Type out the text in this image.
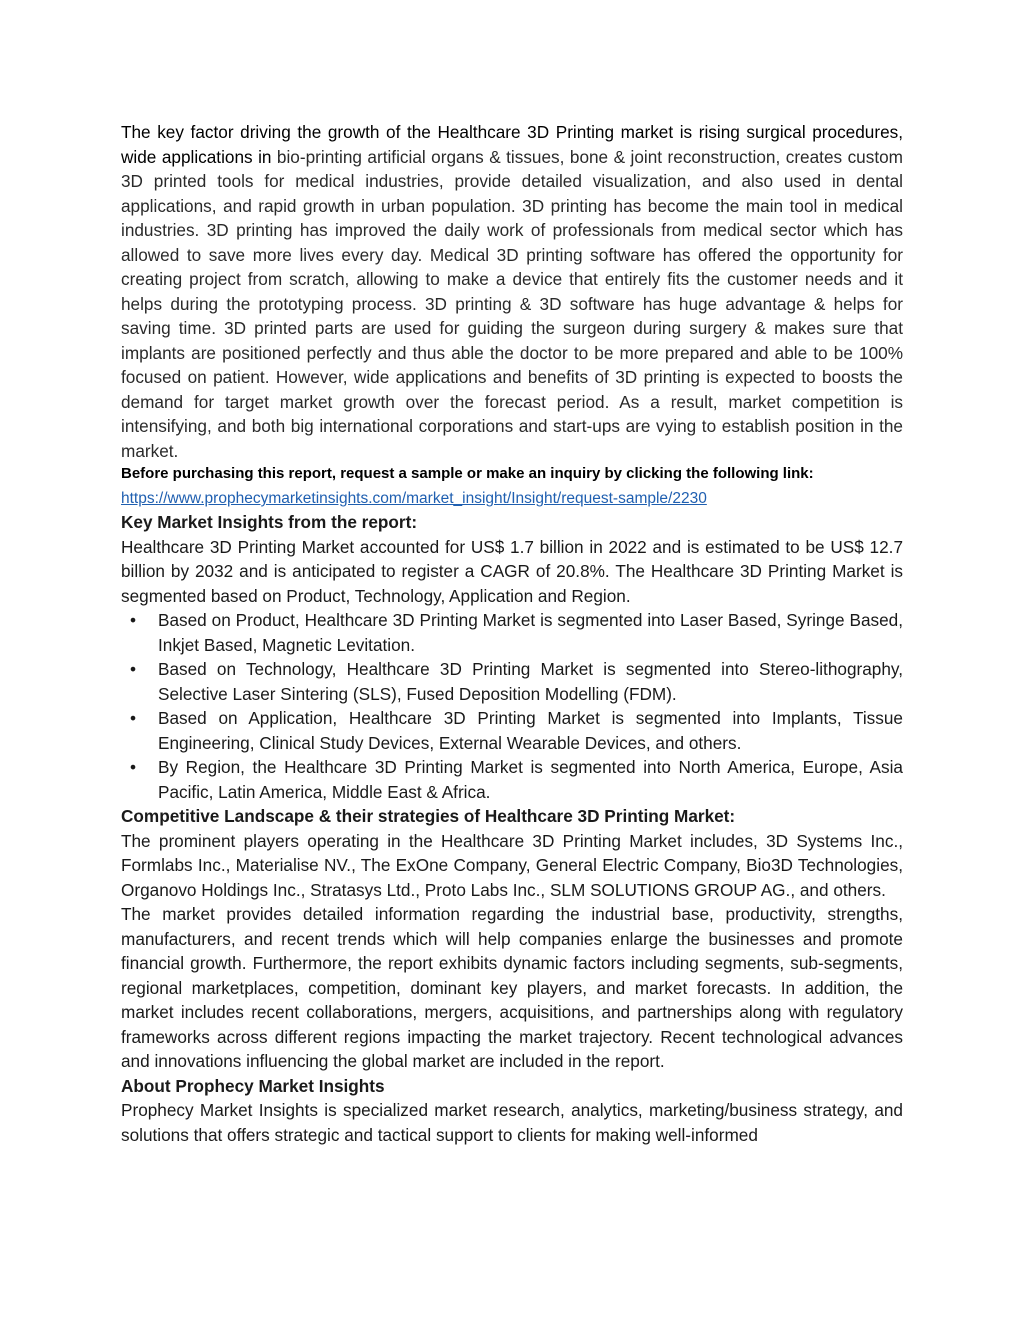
The key factor driving the growth of the Healthcare 3D Printing market is rising surgical procedures, wide applications in bio-printing artificial organs & tissues, bone & joint reconstruction, creates custom 3D printed tools for medical industries, provide detailed visualization, and also used in dental applications, and rapid growth in urban population. 3D printing has become the main tool in medical industries. 3D printing has improved the daily work of professionals from medical sector which has allowed to save more lives every day. Medical 3D printing software has offered the opportunity for creating project from scratch, allowing to make a device that entirely fits the customer needs and it helps during the prototyping process. 3D printing & 3D software has huge advantage & helps for saving time. 3D printed parts are used for guiding the surgeon during surgery & makes sure that implants are positioned perfectly and thus able the doctor to be more prepared and able to be 100% focused on patient. However, wide applications and benefits of 3D printing is expected to boosts the demand for target market growth over the forecast period. As a result, market competition is intensifying, and both big international corporations and start-ups are vying to establish position in the market.

Before purchasing this report, request a sample or make an inquiry by clicking the following link:

https://www.prophecymarketinsights.com/market_insight/Insight/request-sample/2230

Key Market Insights from the report:

Healthcare 3D Printing Market accounted for US$ 1.7 billion in 2022 and is estimated to be US$ 12.7 billion by 2032 and is anticipated to register a CAGR of 20.8%. The Healthcare 3D Printing Market is segmented based on Product, Technology, Application and Region.

• Based on Product, Healthcare 3D Printing Market is segmented into Laser Based, Syringe Based, Inkjet Based, Magnetic Levitation.
• Based on Technology, Healthcare 3D Printing Market is segmented into Stereo-lithography, Selective Laser Sintering (SLS), Fused Deposition Modelling (FDM).
• Based on Application, Healthcare 3D Printing Market is segmented into Implants, Tissue Engineering, Clinical Study Devices, External Wearable Devices, and others.
• By Region, the Healthcare 3D Printing Market is segmented into North America, Europe, Asia Pacific, Latin America, Middle East & Africa.

Competitive Landscape & their strategies of Healthcare 3D Printing Market:

The prominent players operating in the Healthcare 3D Printing Market includes, 3D Systems Inc., Formlabs Inc., Materialise NV., The ExOne Company, General Electric Company, Bio3D Technologies, Organovo Holdings Inc., Stratasys Ltd., Proto Labs Inc., SLM SOLUTIONS GROUP AG., and others.

The market provides detailed information regarding the industrial base, productivity, strengths, manufacturers, and recent trends which will help companies enlarge the businesses and promote financial growth. Furthermore, the report exhibits dynamic factors including segments, sub-segments, regional marketplaces, competition, dominant key players, and market forecasts. In addition, the market includes recent collaborations, mergers, acquisitions, and partnerships along with regulatory frameworks across different regions impacting the market trajectory. Recent technological advances and innovations influencing the global market are included in the report.

About Prophecy Market Insights

Prophecy Market Insights is specialized market research, analytics, marketing/business strategy, and solutions that offers strategic and tactical support to clients for making well-informed
